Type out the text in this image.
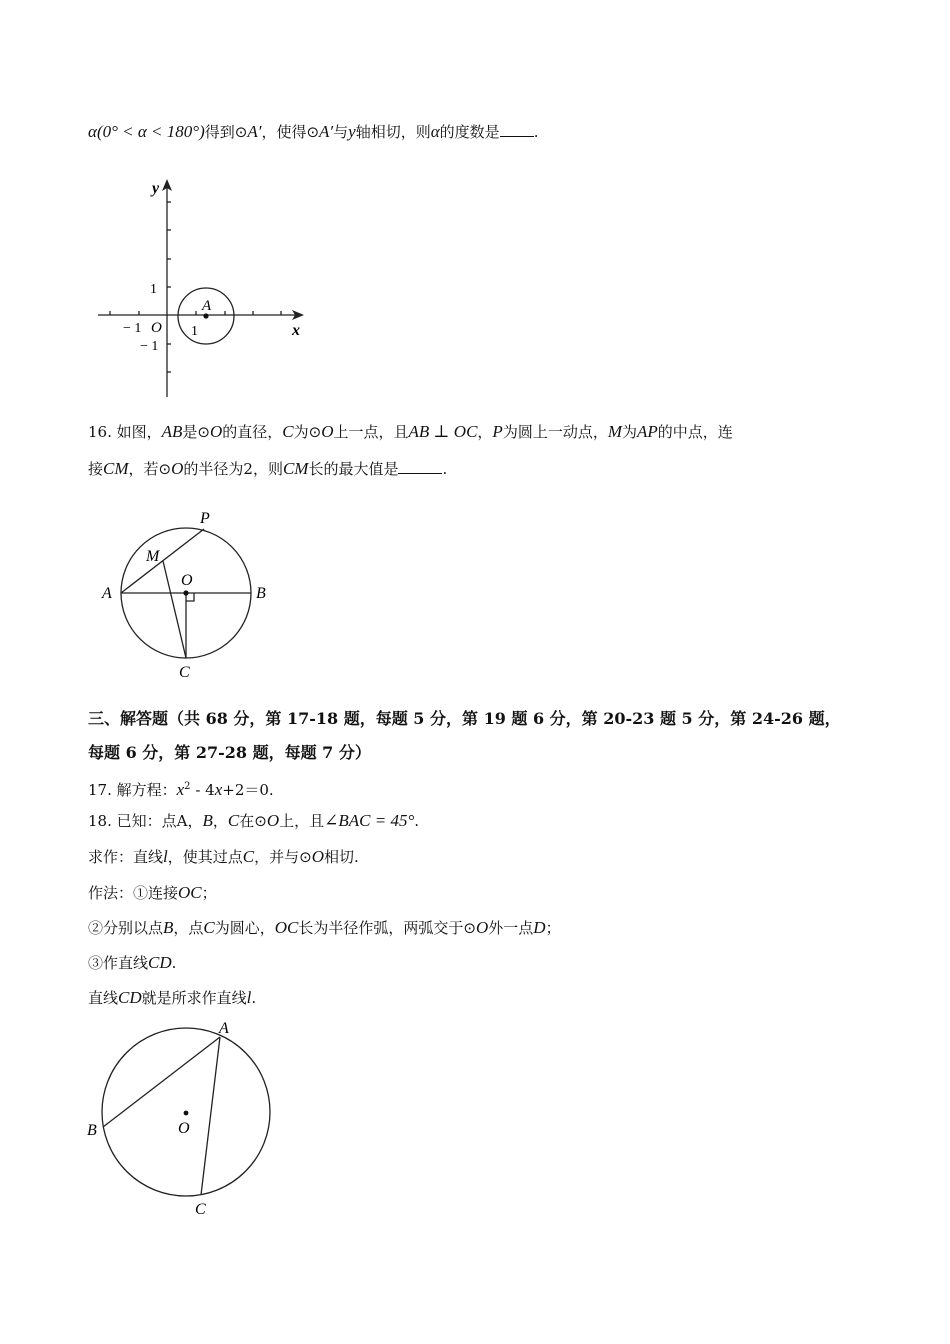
α(0° < α < 180°)得到⊙A′，使得⊙A′与y轴相切，则α的度数是 .
y
x
1
− 1
− 1 O 1
A
16. 如图，AB是⊙O的直径，C为⊙O上一点，且AB ⊥ OC，P为圆上一动点，M为AP的中点，连
接CM，若⊙O的半径为2，则CM长的最大值是	.
P
M
O
A	B
C
三、解答题（共 68 分，第 17-18 题，每题 5 分，第 19 题 6 分，第 20-23 题 5 分，第 24-26 题，
每题 6 分，第 27-28 题，每题 7 分）
17. 解方程：$x^2 - 4x+2=0$.
18. 已知：点A，B，C在⊙O上，且∠BAC = 45°.
求作：直线l，使其过点C，并与⊙O相切.
作法：①连接OC；
②分别以点B，点C为圆心，OC长为半径作弧，两弧交于⊙O外一点D；
③作直线CD.
直线CD就是所求作直线l.
A
B	O
C
